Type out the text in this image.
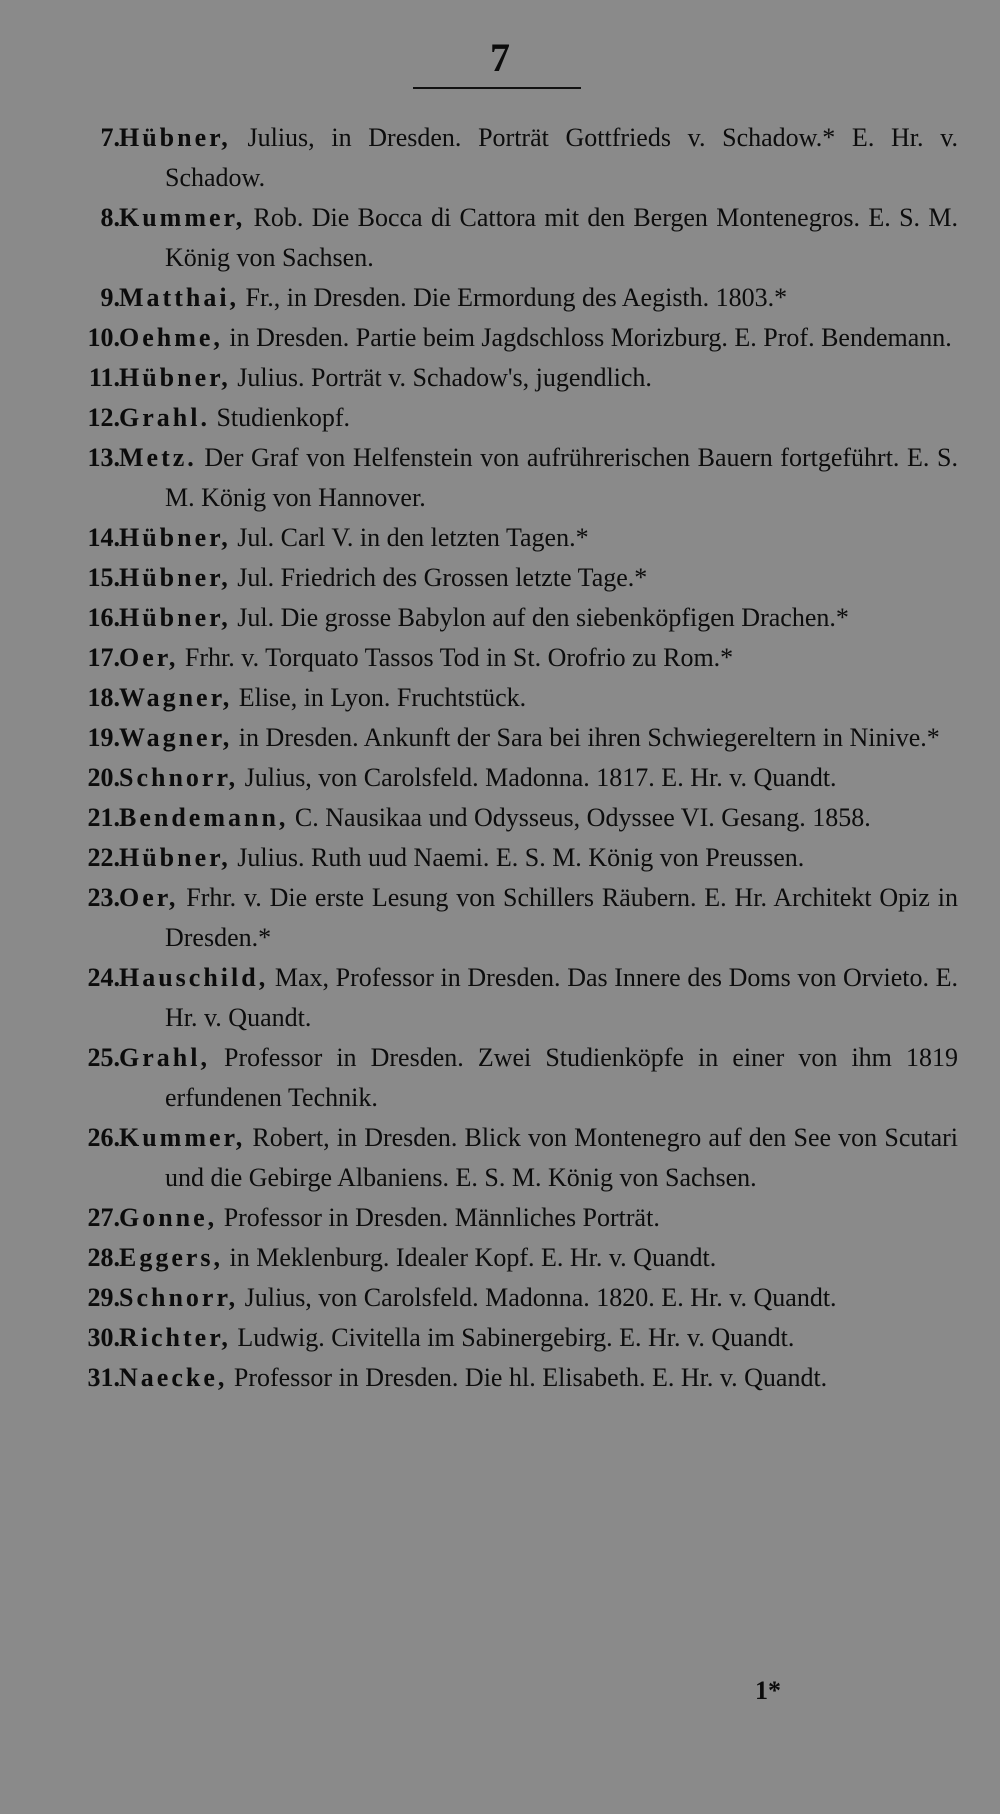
7
7. Hübner, Julius, in Dresden. Porträt Gottfrieds v. Schadow.* E. Hr. v. Schadow.
8. Kummer, Rob. Die Bocca di Cattora mit den Bergen Montenegros. E. S. M. König von Sachsen.
9. Matthai, Fr., in Dresden. Die Ermordung des Aegisth. 1803.*
10. Oehme, in Dresden. Partie beim Jagdschloss Morizburg. E. Prof. Bendemann.
11. Hübner, Julius. Porträt v. Schadow's, jugendlich.
12. Grahl. Studienkopf.
13. Metz. Der Graf von Helfenstein von aufrührerischen Bauern fortgeführt. E. S. M. König von Hannover.
14. Hübner, Jul. Carl V. in den letzten Tagen.*
15. Hübner, Jul. Friedrich des Grossen letzte Tage.*
16. Hübner, Jul. Die grosse Babylon auf den siebenköpfigen Drachen.*
17. Oer, Frhr. v. Torquato Tassos Tod in St. Orofrio zu Rom.*
18. Wagner, Elise, in Lyon. Fruchtstück.
19. Wagner, in Dresden. Ankunft der Sara bei ihren Schwiegereltern in Ninive.*
20. Schnorr, Julius, von Carolsfeld. Madonna. 1817. E. Hr. v. Quandt.
21. Bendemann, C. Nausikaa und Odysseus, Odyssee VI. Gesang. 1858.
22. Hübner, Julius. Ruth uud Naemi. E. S. M. König von Preussen.
23. Oer, Frhr. v. Die erste Lesung von Schillers Räubern. E. Hr. Architekt Opiz in Dresden.*
24. Hauschild, Max, Professor in Dresden. Das Innere des Doms von Orvieto. E. Hr. v. Quandt.
25. Grahl, Professor in Dresden. Zwei Studienköpfe in einer von ihm 1819 erfundenen Technik.
26. Kummer, Robert, in Dresden. Blick von Montenegro auf den See von Scutari und die Gebirge Albaniens. E. S. M. König von Sachsen.
27. Gonne, Professor in Dresden. Männliches Porträt.
28. Eggers, in Meklenburg. Idealer Kopf. E. Hr. v. Quandt.
29. Schnorr, Julius, von Carolsfeld. Madonna. 1820. E. Hr. v. Quandt.
30. Richter, Ludwig. Civitella im Sabinergebirg. E. Hr. v. Quandt.
31. Naecke, Professor in Dresden. Die hl. Elisabeth. E. Hr. v. Quandt.
1*
